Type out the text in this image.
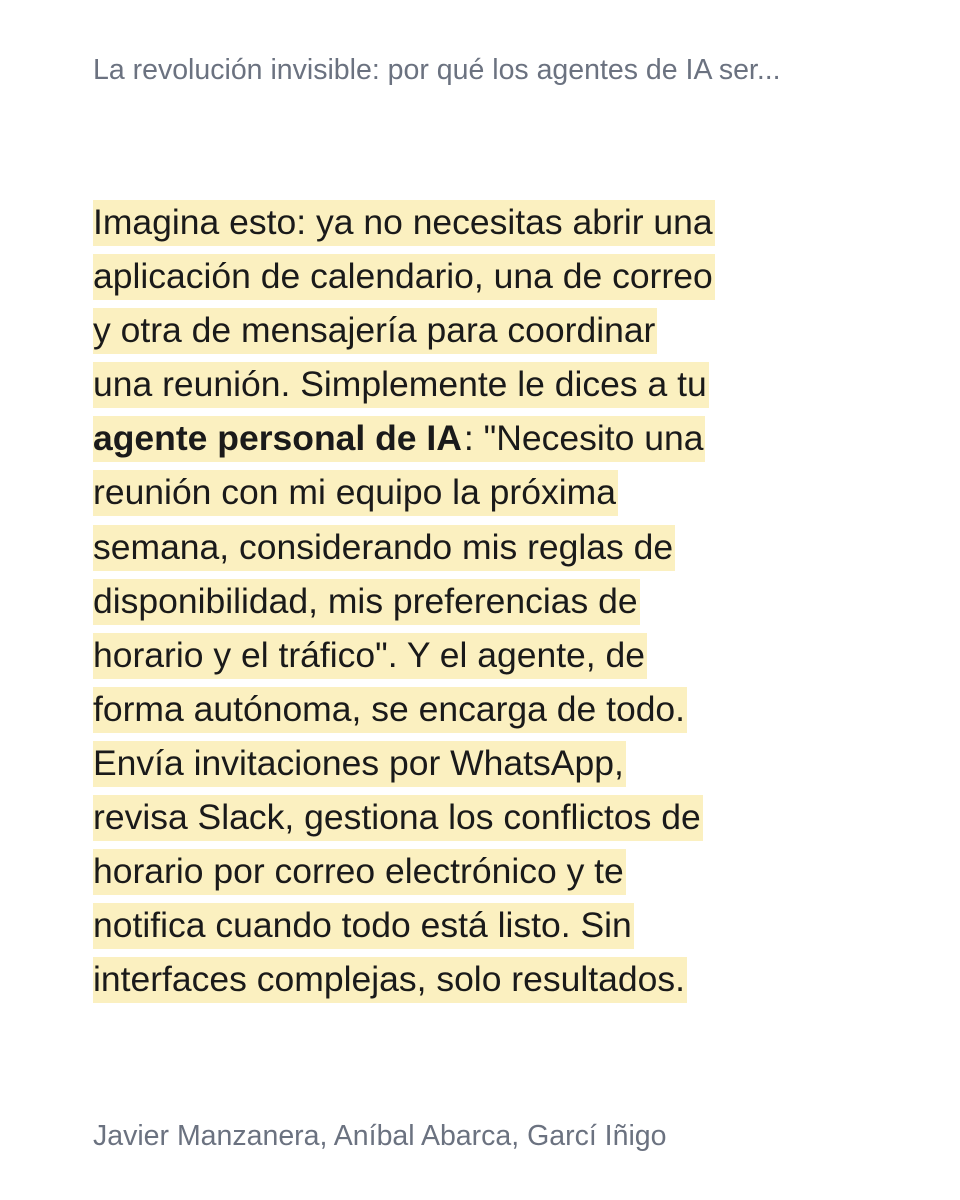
La revolución invisible: por qué los agentes de IA ser...
Imagina esto: ya no necesitas abrir una
aplicación de calendario, una de correo
y otra de mensajería para coordinar
una reunión. Simplemente le dices a tu
agente personal de IA: "Necesito una
reunión con mi equipo la próxima
semana, considerando mis reglas de
disponibilidad, mis preferencias de
horario y el tráfico". Y el agente, de
forma autónoma, se encarga de todo.
Envía invitaciones por WhatsApp,
revisa Slack, gestiona los conflictos de
horario por correo electrónico y te
notifica cuando todo está listo. Sin
interfaces complejas, solo resultados.
Javier Manzanera, Aníbal Abarca, Garcí Iñigo
